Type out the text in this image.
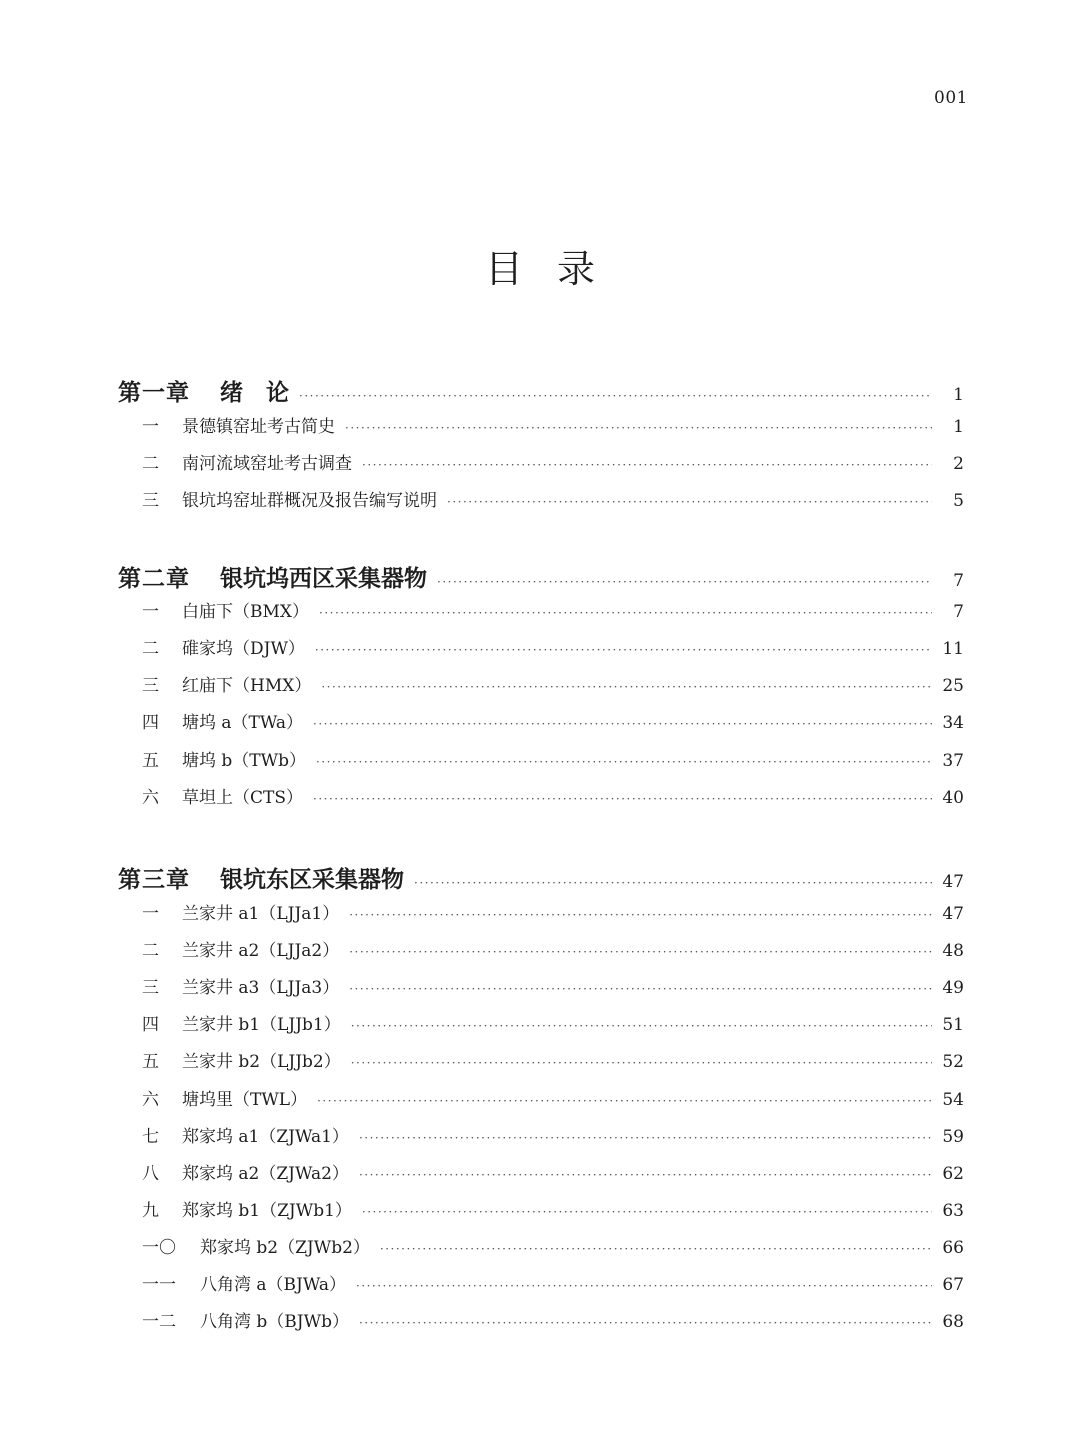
001
目录
第一章 绪　论 ·····	1
一	景德镇窑址考古简史 ·····	1
二	南河流域窑址考古调查 ·····	2
三	银坑坞窑址群概况及报告编写说明 ·····	5
第二章 银坑坞西区采集器物 ·····	7
一	白庙下（BMX） ·····	7
二	碓家坞（DJW） ·····	11
三	红庙下（HMX） ·····	25
四	塘坞 a（TWa） ·····	34
五	塘坞 b（TWb） ·····	37
六	草坦上（CTS） ·····	40
第三章 银坑东区采集器物 ·····	47
一	兰家井 a1（LJJa1） ·····	47
二	兰家井 a2（LJJa2） ·····	48
三	兰家井 a3（LJJa3） ·····	49
四	兰家井 b1（LJJb1） ·····	51
五	兰家井 b2（LJJb2） ·····	52
六	塘坞里（TWL） ·····	54
七	郑家坞 a1（ZJWa1） ·····	59
八	郑家坞 a2（ZJWa2） ·····	62
九	郑家坞 b1（ZJWb1） ·····	63
一〇	郑家坞 b2（ZJWb2） ·····	66
一一	八角湾 a（BJWa） ·····	67
一二	八角湾 b（BJWb） ·····	68
